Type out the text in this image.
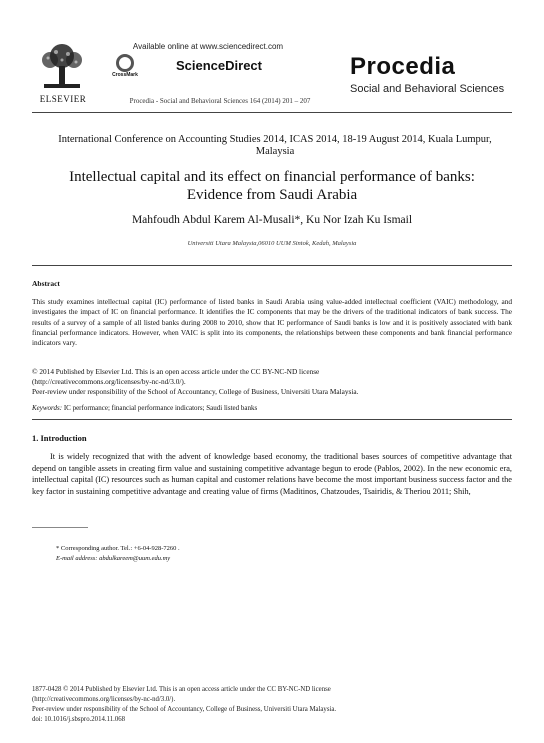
ELSEVIER
Available online at www.sciencedirect.com
CrossMark
ScienceDirect
Procedia - Social and Behavioral Sciences 164 (2014) 201 – 207
Procedia
Social and Behavioral Sciences
International Conference on Accounting Studies 2014, ICAS 2014, 18-19 August 2014, Kuala Lumpur, Malaysia
Intellectual capital and its effect on financial performance of banks:
Evidence from Saudi Arabia
Mahfoudh Abdul Karem Al-Musali*, Ku Nor Izah Ku Ismail
Universiti Utara Malaysia,06010 UUM Sintok, Kedah, Malaysia
Abstract
This study examines intellectual capital (IC) performance of listed banks in Saudi Arabia using value-added intellectual coefficient (VAIC) methodology, and investigates the impact of IC on financial performance. It identifies the IC components that may be the drivers of the traditional indicators of bank success. The results of a survey of a sample of all listed banks during 2008 to 2010, show that IC performance of Saudi banks is low and it is positively associated with bank financial performance indicators. However, when VAIC is split into its components, the relationships between these components and bank financial performance indicators vary.
© 2014 Published by Elsevier Ltd. This is an open access article under the CC BY-NC-ND license
(http://creativecommons.org/licenses/by-nc-nd/3.0/).
Peer-review under responsibility of the School of Accountancy, College of Business, Universiti Utara Malaysia.
Keywords: IC performance; financial performance indicators; Saudi listed banks
1. Introduction

It is widely recognized that with the advent of knowledge based economy, the traditional bases sources of competitive advantage that depend on tangible assets in creating firm value and sustaining competitive advantage begun to erode (Pablos, 2002). In the new economic era, intellectual capital (IC) resources such as human capital and customer relations have become the most important business success factor and the key factor in sustaining competitive advantage and creating value of firms (Maditinos, Chatzoudes, Tsairidis, & Theriou 2011; Shih,

* Corresponding author. Tel.: +6-04-928-7260 .
E-mail address: abdulkareem@uum.edu.my
1877-0428 © 2014 Published by Elsevier Ltd. This is an open access article under the CC BY-NC-ND license
(http://creativecommons.org/licenses/by-nc-nd/3.0/).
Peer-review under responsibility of the School of Accountancy, College of Business, Universiti Utara Malaysia.
doi: 10.1016/j.sbspro.2014.11.068
